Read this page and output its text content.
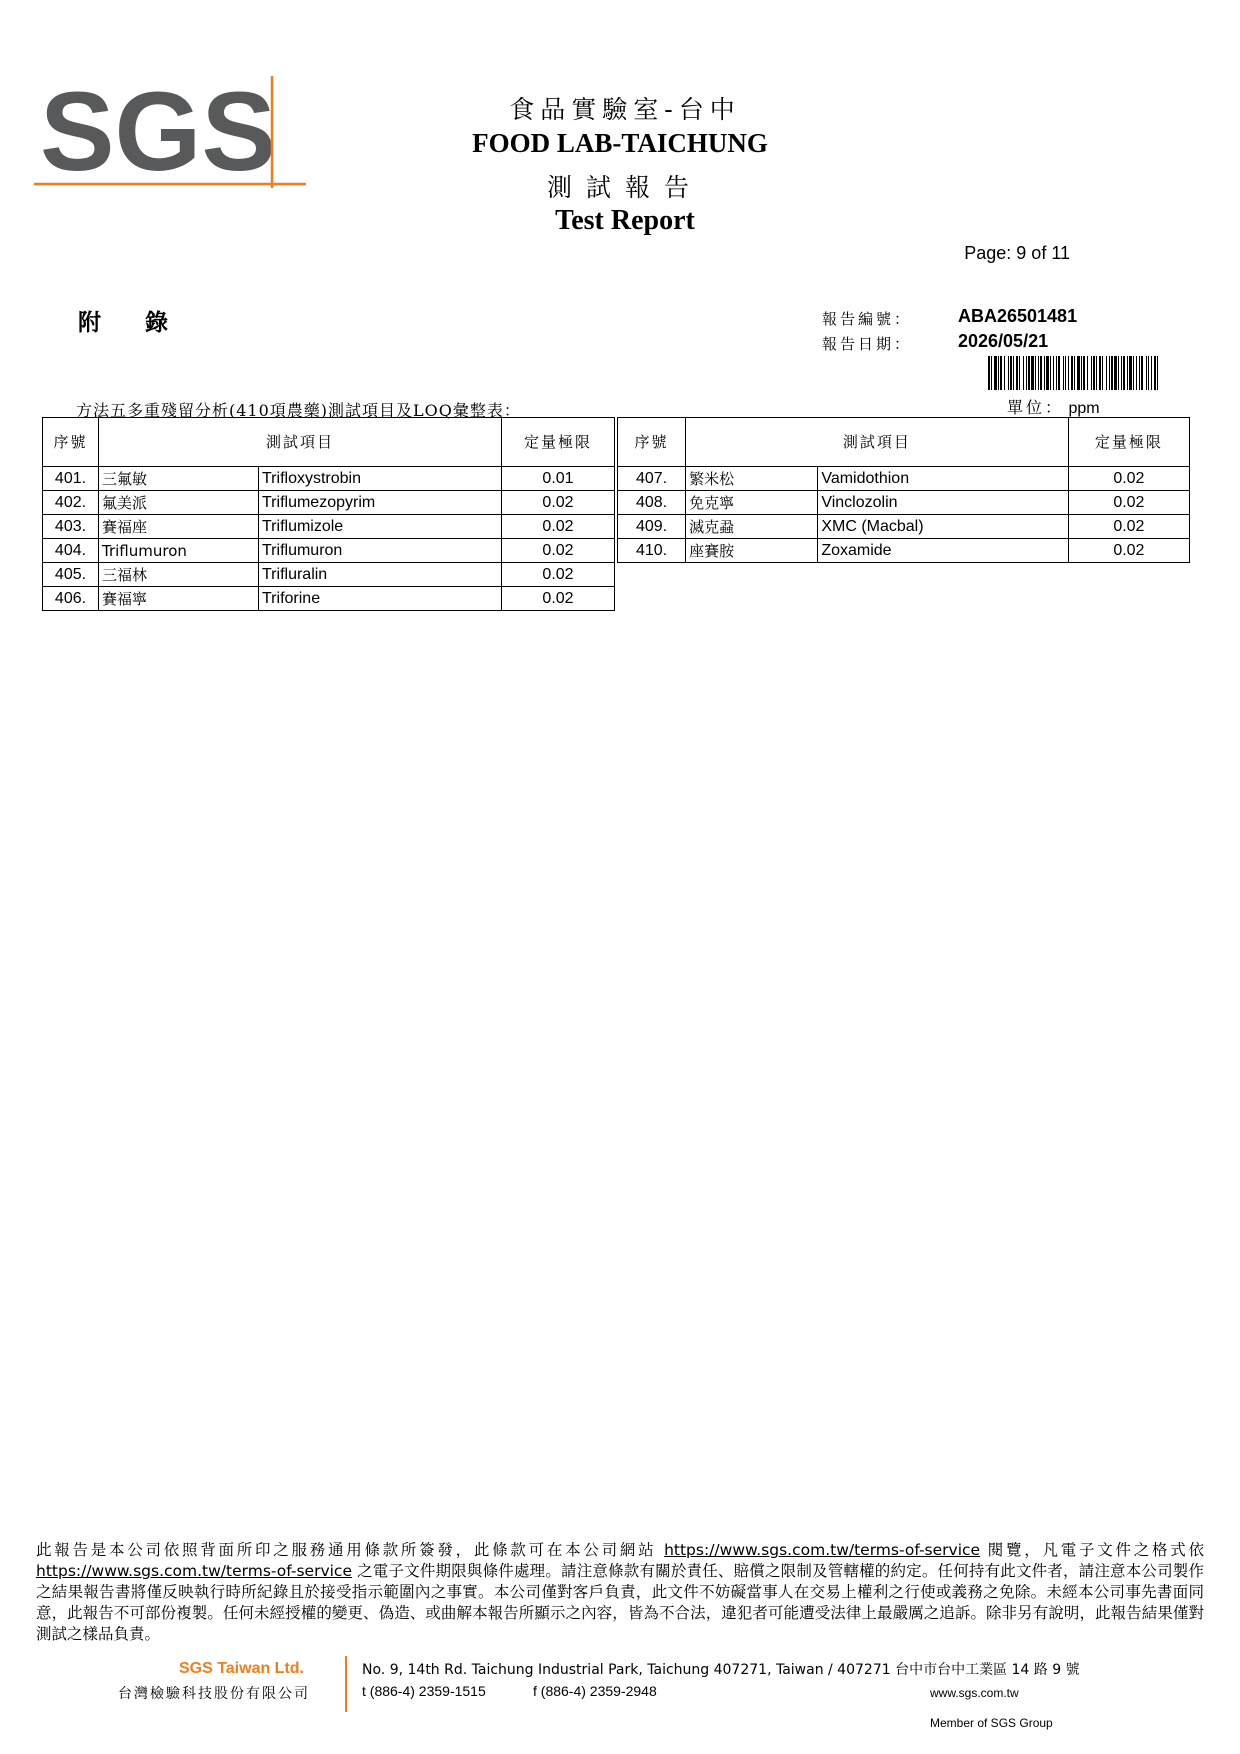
SGS	食品實驗室-台中
FOOD LAB-TAICHUNG
測試報告
Test Report
Page: 9 of 11
附 錄	報告編號：	ABA26501481
報告日期：	2026/05/21
方法五多重殘留分析(410項農藥)測試項目及LOQ彙整表：	單位： ppm
序號	測試項目		定量極限
401.	三氟敏	Trifloxystrobin	0.01
402.	氟美派	Triflumezopyrim	0.02
403.	賽福座	Triflumizole	0.02
404.	Triflumuron	Triflumuron	0.02
405.	三福林	Trifluralin	0.02
406.	賽福寧	Triforine	0.02
序號	測試項目		定量極限
407.	繁米松	Vamidothion	0.02
408.	免克寧	Vinclozolin	0.02
409.	滅克蝨	XMC (Macbal)	0.02
410.	座賽胺	Zoxamide	0.02
此報告是本公司依照背面所印之服務通用條款所簽發，此條款可在本公司網站 https://www.sgs.com.tw/terms-of-service 閱覽，凡電子文件之格式依 https://www.sgs.com.tw/terms-of-service 之電子文件期限與條件處理。請注意條款有關於責任、賠償之限制及管轄權的約定。任何持有此文件者，請注意本公司製作之結果報告書將僅反映執行時所紀錄且於接受指示範圍內之事實。本公司僅對客戶負責，此文件不妨礙當事人在交易上權利之行使或義務之免除。未經本公司事先書面同意，此報告不可部份複製。任何未經授權的變更、偽造、或曲解本報告所顯示之內容，皆為不合法，違犯者可能遭受法律上最嚴厲之追訴。除非另有說明，此報告結果僅對測試之樣品負責。
SGS Taiwan Ltd.
台灣檢驗科技股份有限公司
No. 9, 14th Rd. Taichung Industrial Park, Taichung 407271, Taiwan / 407271 台中市台中工業區 14 路 9 號
t (886-4) 2359-1515	f (886-4) 2359-2948	www.sgs.com.tw
Member of SGS Group
